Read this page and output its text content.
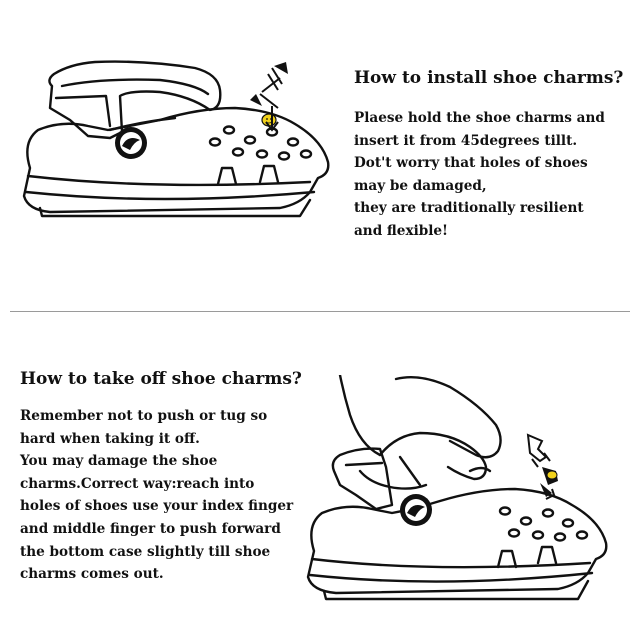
How to install shoe charms?
Plaese hold the shoe charms and
insert it from 45degrees tillt.
Dot't worry that holes of shoes
may be damaged,
they are traditionally resilient
and flexible!
How to take off shoe charms?
Remember not to push or tug so
hard when taking it off.
You may damage the shoe
charms.Correct way:reach into
holes of shoes use your index finger
and middle finger to push forward
the bottom case slightly till shoe
charms comes out.
